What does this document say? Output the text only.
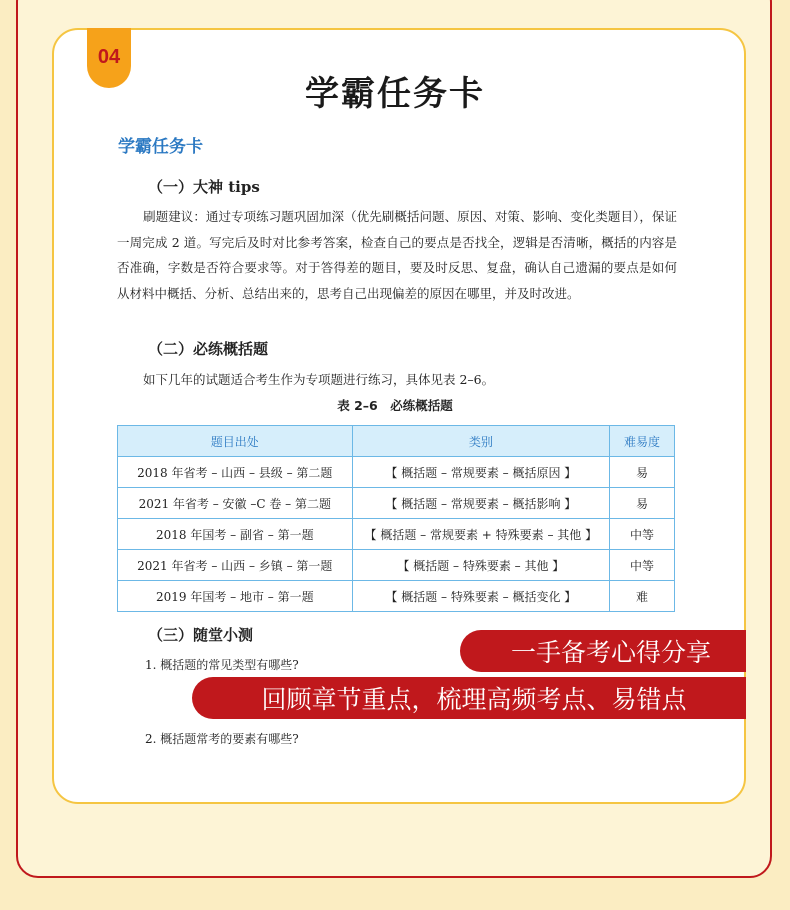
04
学霸任务卡
学霸任务卡
（一）大神 tips
刷题建议：通过专项练习题巩固加深（优先刷概括问题、原因、对策、影响、变化类题目），保证一周完成 2 道。写完后及时对比参考答案，检查自己的要点是否找全，逻辑是否清晰，概括的内容是否准确，字数是否符合要求等。对于答得差的题目，要及时反思、复盘，确认自己遗漏的要点是如何从材料中概括、分析、总结出来的，思考自己出现偏差的原因在哪里，并及时改进。
（二）必练概括题
如下几年的试题适合考生作为专项题进行练习，具体见表 2–6。
表 2–6　必练概括题
题目出处	类别	难易度
2018 年省考 – 山西 – 县级 – 第二题	【 概括题 – 常规要素 – 概括原因 】	易
2021 年省考 – 安徽 –C 卷 – 第二题	【 概括题 – 常规要素 – 概括影响 】	易
2018 年国考 – 副省 – 第一题	【 概括题 – 常规要素 + 特殊要素 – 其他 】	中等
2021 年省考 – 山西 – 乡镇 – 第一题	【 概括题 – 特殊要素 – 其他 】	中等
2019 年国考 – 地市 – 第一题	【 概括题 – 特殊要素 – 概括变化 】	难
（三）随堂小测
1. 概括题的常见类型有哪些?
2. 概括题常考的要素有哪些?
一手备考心得分享
回顾章节重点，梳理高频考点、易错点
